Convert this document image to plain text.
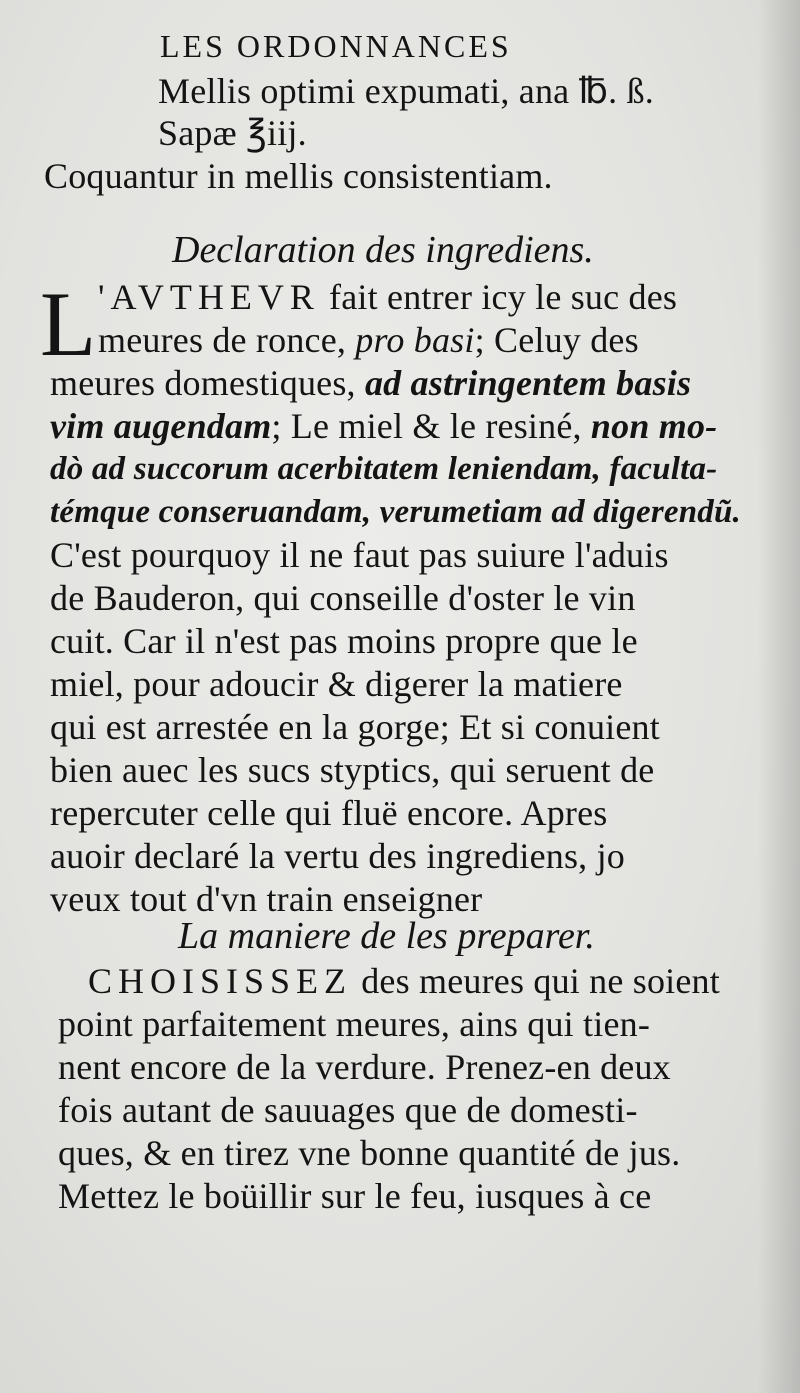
LES ORDONNANCES
Mellis optimi expumati, ana ℔. ß.
Sapæ ℥iij.
Coquantur in mellis consistentiam.
Declaration des ingrediens.
L 'AVTHEVR fait entrer icy le suc des
meures de ronce, pro basi; Celuy des
meures domestiques, ad astringentem basis
vim augendam; Le miel & le resiné, non mo-
dò ad succorum acerbitatem leniendam, faculta-
témque conseruandam, verumetiam ad digerendũ.
C'est pourquoy il ne faut pas suiure l'aduis
de Bauderon, qui conseille d'oster le vin
cuit. Car il n'est pas moins propre que le
miel, pour adoucir & digerer la matiere
qui est arrestée en la gorge; Et si conuient
bien auec les sucs styptics, qui seruent de
repercuter celle qui fluë encore. Apres
auoir declaré la vertu des ingrediens, jo
veux tout d'vn train enseigner
La maniere de les preparer.
CHOISISSEZ des meures qui ne soient
point parfaitement meures, ains qui tien-
nent encore de la verdure. Prenez-en deux
fois autant de sauuages que de domesti-
ques, & en tirez vne bonne quantité de jus.
Mettez le boüillir sur le feu, iusques à ce
